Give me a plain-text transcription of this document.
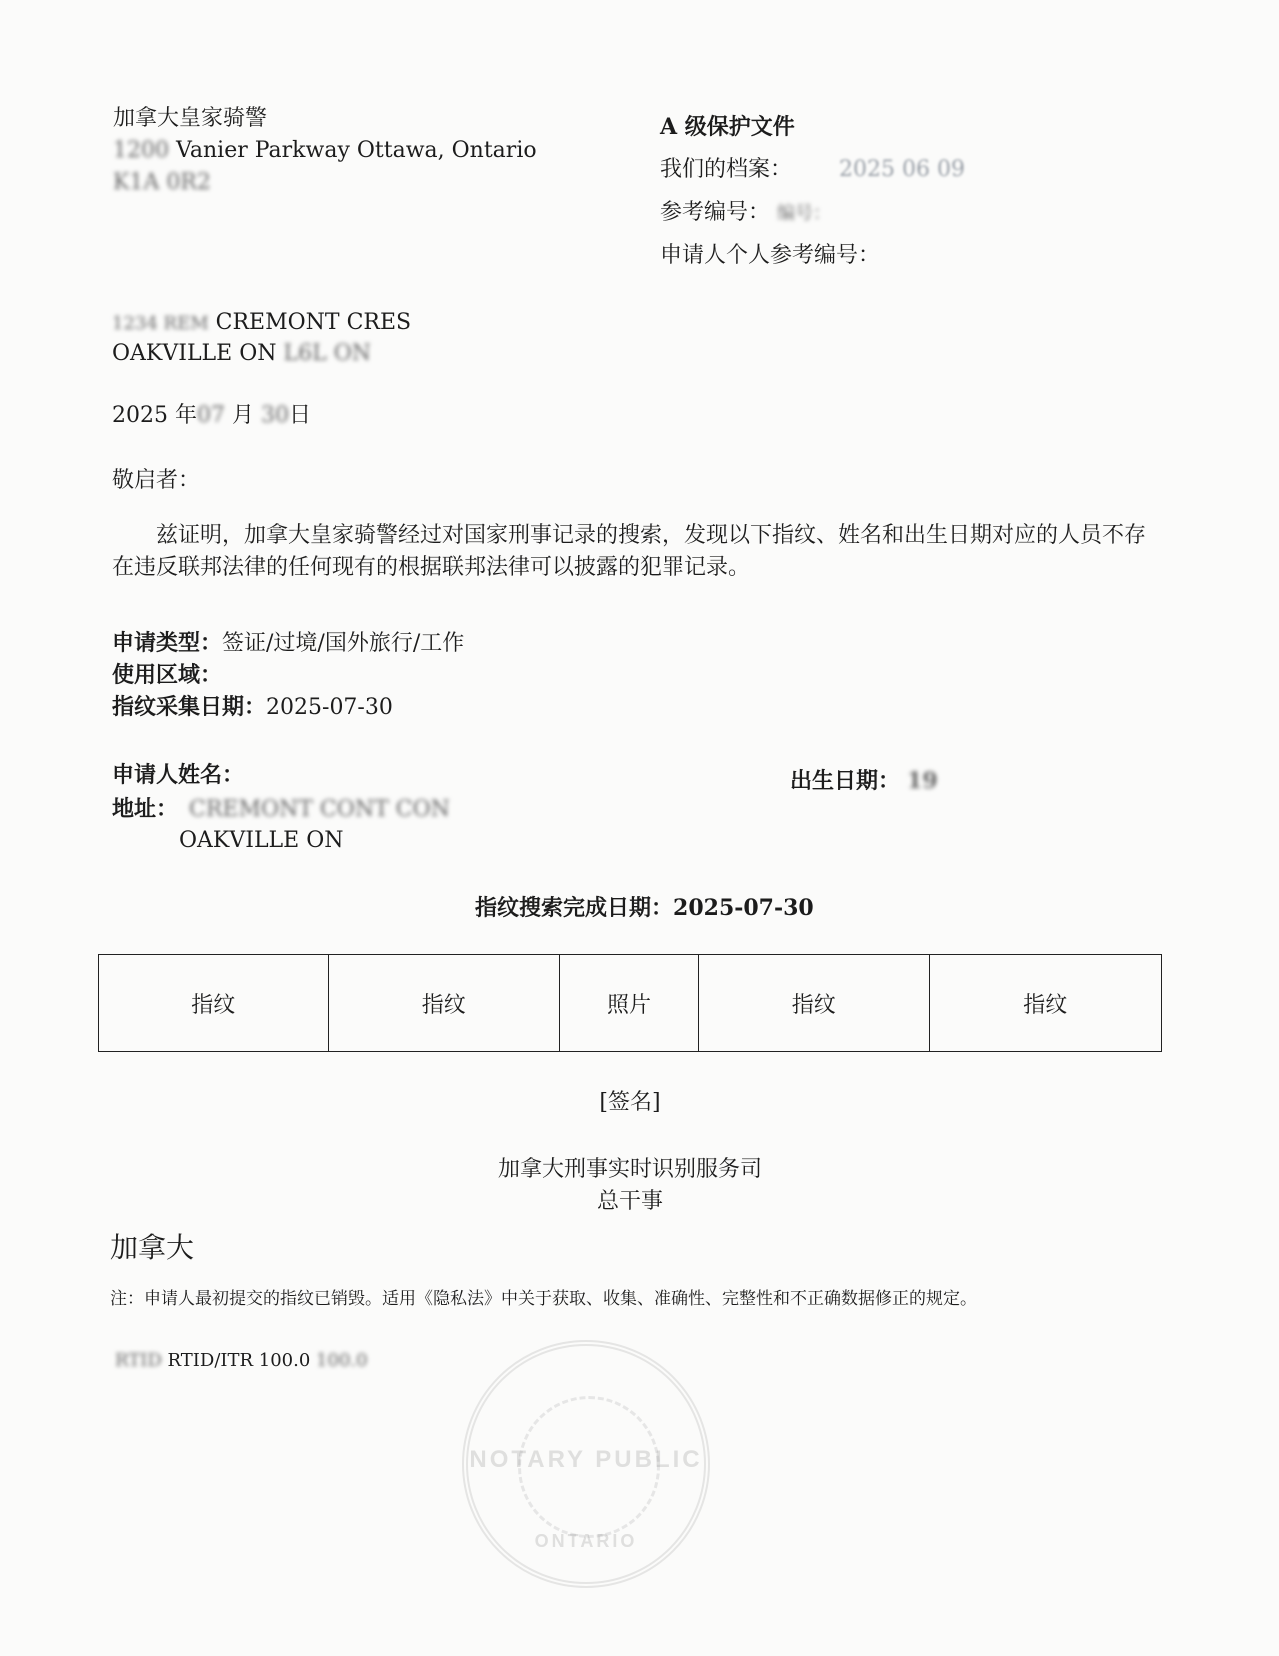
加拿大皇家骑警
1200 Vanier Parkway Ottawa, Ontario
K1A 0R2
A 级保护文件
我们的档案： 2025 06 09
参考编号： 编号：
申请人个人参考编号：
1234 REM CREMONT CRES
OAKVILLE ON L6L ON
2025 年07 月 30日
敬启者：
兹证明，加拿大皇家骑警经过对国家刑事记录的搜索，发现以下指纹、姓名和出生日期对应的人员不存在违反联邦法律的任何现有的根据联邦法律可以披露的犯罪记录。
申请类型：签证/过境/国外旅行/工作
使用区域：
指纹采集日期：2025-07-30
申请人姓名：	出生日期： 19
地址： CREMONT CONT CON
OAKVILLE ON
指纹搜索完成日期：2025-07-30
指纹	指纹	照片	指纹	指纹
[签名]
加拿大刑事实时识别服务司
总干事
加拿大
注：申请人最初提交的指纹已销毁。适用《隐私法》中关于获取、收集、准确性、完整性和不正确数据修正的规定。
RTID RTID/ITR 100.0 100.0
NOTARY PUBLIC
ONTARIO
